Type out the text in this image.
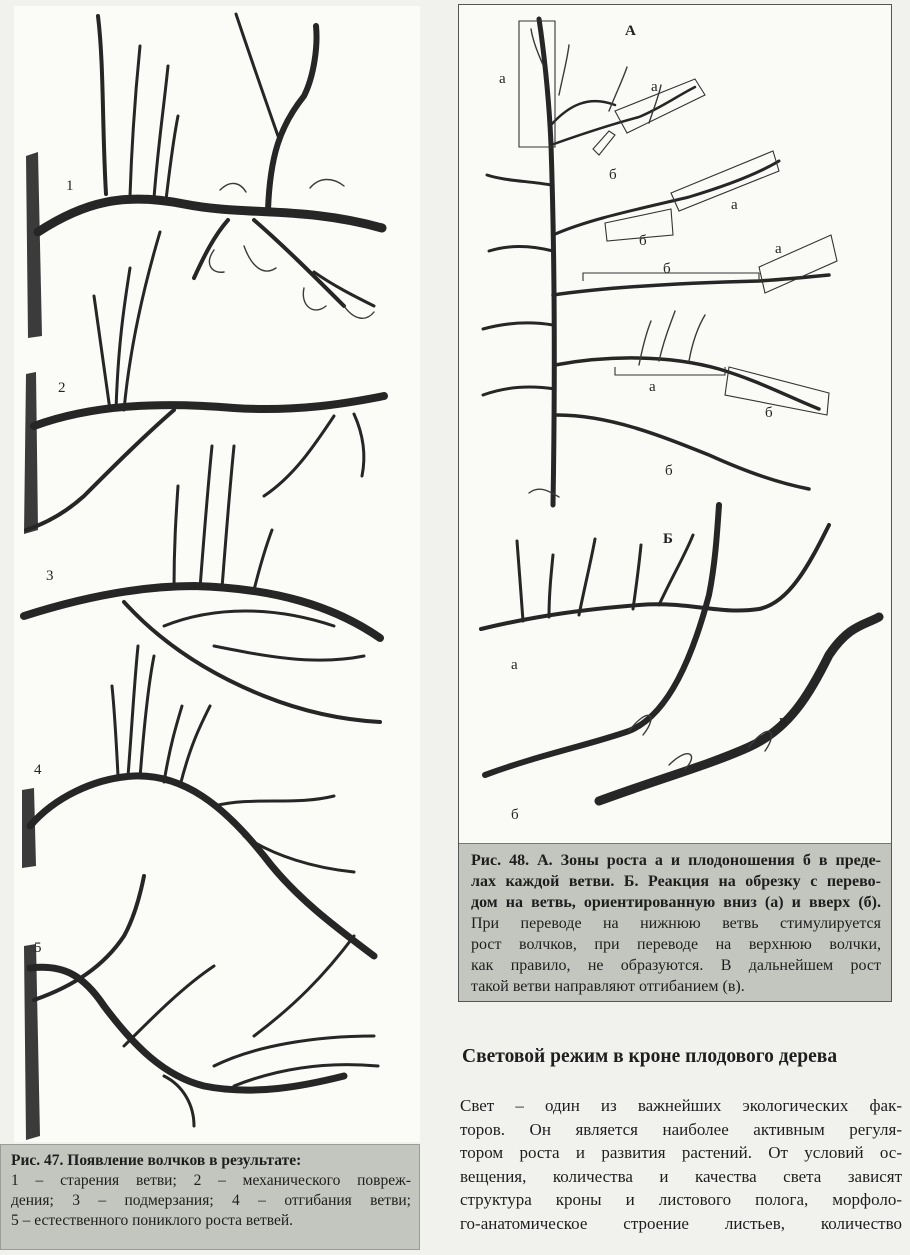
1
2
3
4
5
Рис. 47. Появление волчков в результате:
1 – старения ветви; 2 – механического повреж-
дения; 3 – подмерзания; 4 – отгибания ветви;
5 – естественного пониклого роста ветвей.
А
Б
а	а
а
а
а
а
б
б
б
б
б
б
в
Рис. 48. А. Зоны роста а и плодоношения б в преде-
лах каждой ветви. Б. Реакция на обрезку с перево-
дом на ветвь, ориентированную вниз (а) и вверх (б).
При переводе на нижнюю ветвь стимулируется
рост волчков, при переводе на верхнюю волчки,
как правило, не образуются. В дальнейшем рост
такой ветви направляют отгибанием (в).
Световой режим в кроне плодового дерева
Свет – один из важнейших экологических фак-
торов. Он является наиболее активным регуля-
тором роста и развития растений. От условий ос-
вещения, количества и качества света зависят
структура кроны и листового полога, морфоло-
го-анатомическое строение листьев, количество
